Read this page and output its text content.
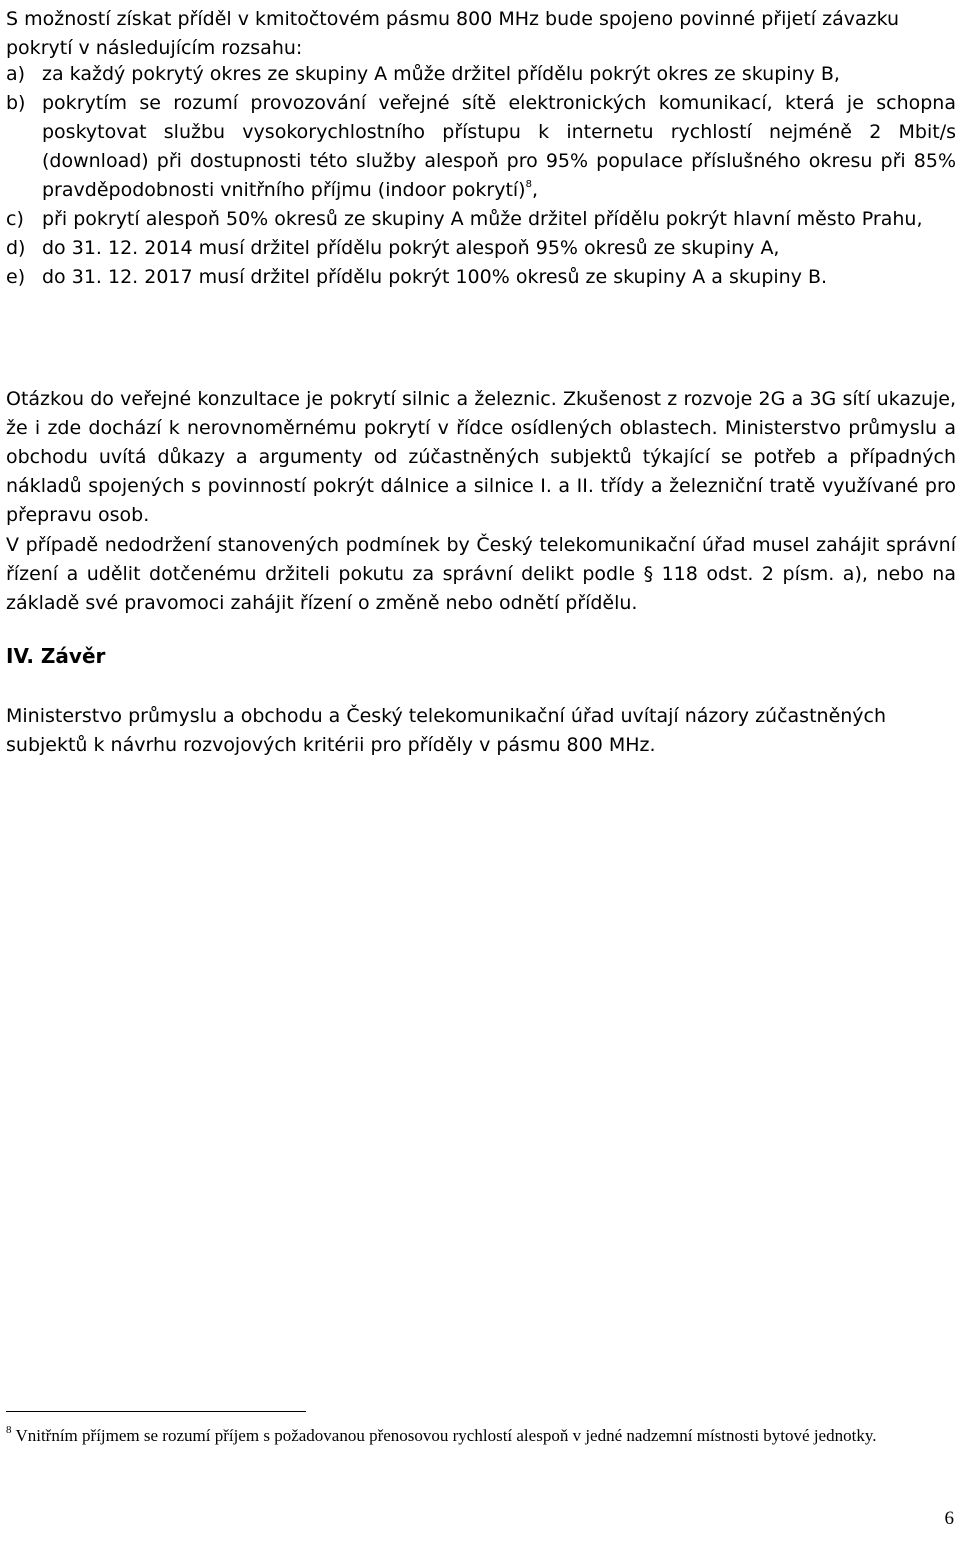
S možností získat příděl v kmitočtovém pásmu 800 MHz bude spojeno povinné přijetí závazku pokrytí v následujícím rozsahu:

a) za každý pokrytý okres ze skupiny A může držitel přídělu pokrýt okres ze skupiny B,
b) pokrytím se rozumí provozování veřejné sítě elektronických komunikací, která je schopna poskytovat službu vysokorychlostního přístupu k internetu rychlostí nejméně 2 Mbit/s (download) při dostupnosti této služby alespoň pro 95% populace příslušného okresu při 85% pravděpodobnosti vnitřního příjmu (indoor pokrytí)$^8$,
c) při pokrytí alespoň 50% okresů ze skupiny A může držitel přídělu pokrýt hlavní město Prahu,
d) do 31. 12. 2014 musí držitel přídělu pokrýt alespoň 95% okresů ze skupiny A,
e) do 31. 12. 2017 musí držitel přídělu pokrýt 100% okresů ze skupiny A a skupiny B.

Otázkou do veřejné konzultace je pokrytí silnic a železnic. Zkušenost z rozvoje 2G a 3G sítí ukazuje, že i zde dochází k nerovnoměrnému pokrytí v řídce osídlených oblastech. Ministerstvo průmyslu a obchodu uvítá důkazy a argumenty od zúčastněných subjektů týkající se potřeb a případných nákladů spojených s povinností pokrýt dálnice a silnice I. a II. třídy a železniční tratě využívané pro přepravu osob.

V případě nedodržení stanovených podmínek by Český telekomunikační úřad musel zahájit správní řízení a udělit dotčenému držiteli pokutu za správní delikt podle § 118 odst. 2 písm. a), nebo na základě své pravomoci zahájit řízení o změně nebo odnětí přídělu.

IV. Závěr

Ministerstvo průmyslu a obchodu a Český telekomunikační úřad uvítají názory zúčastněných subjektů k návrhu rozvojových kritérii pro příděly v pásmu 800 MHz.

$^8$ Vnitřním příjmem se rozumí příjem s požadovanou přenosovou rychlostí alespoň v jedné nadzemní místnosti bytové jednotky.

6
